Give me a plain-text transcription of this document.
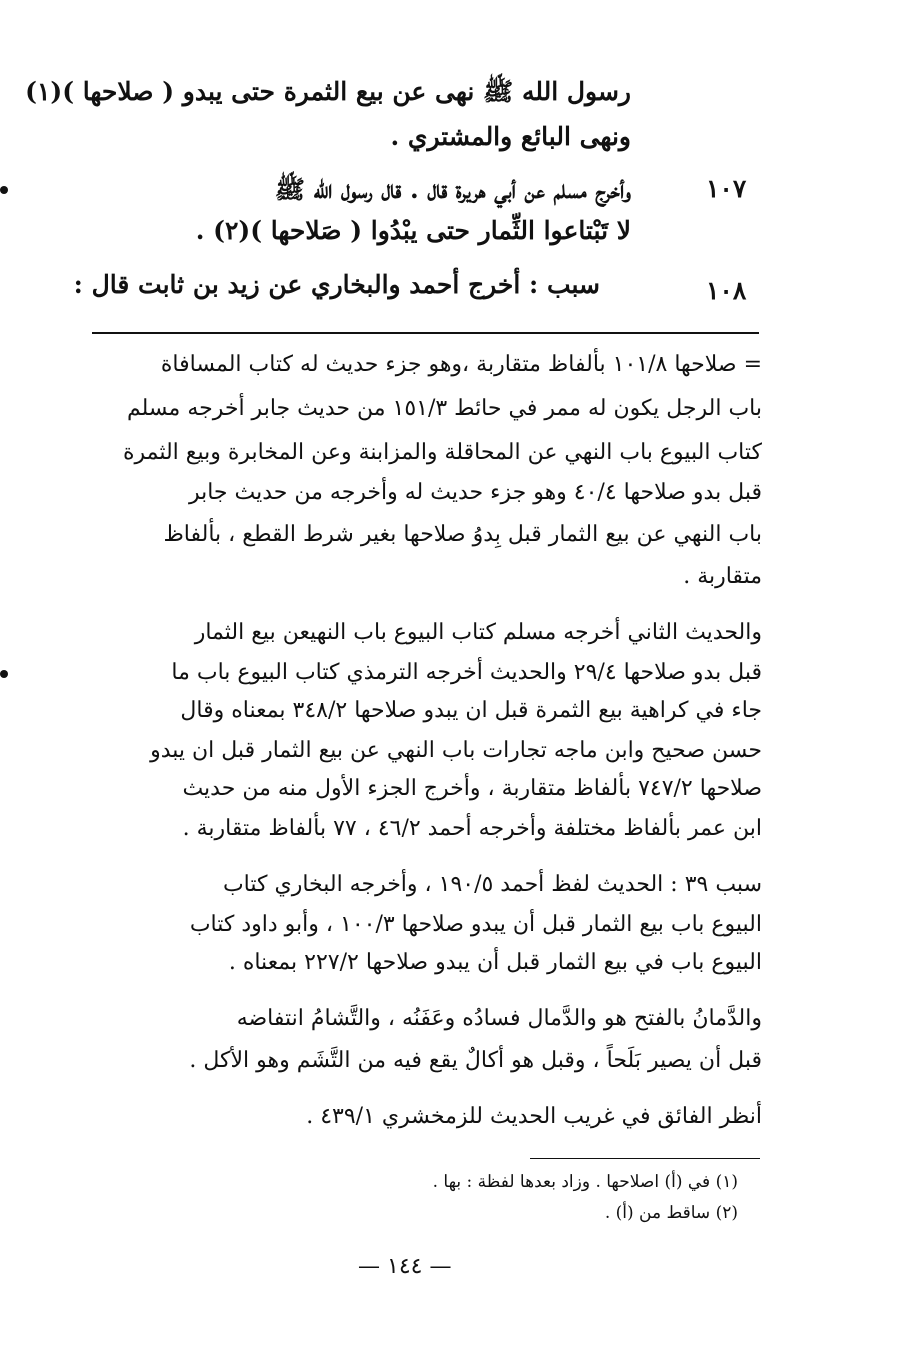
رسول الله ﷺ نهى عن بيع الثمرة حتى يبدو ( صلاحها )(١)
ونهى البائع والمشتري .
١٠٧
وأخرج مسلم عن أبي هريرة قال . قال رسول الله ﷺ
لا تَبْتاعوا الثِّمار حتى يبْدُوا ( صَلاحها )(٢) .
١٠٨
سبب : أخرج أحمد والبخاري عن زيد بن ثابت قال :
= صلاحها ١٠١/٨ بألفاظ متقاربة ،وهو جزء حديث له كتاب المسافاة
باب الرجل يكون له ممر في حائط ١٥١/٣ من حديث جابر أخرجه مسلم
كتاب البيوع باب النهي عن المحاقلة والمزابنة وعن المخابرة وبيع الثمرة
قبل بدو صلاحها ٤٠/٤ وهو جزء حديث له وأخرجه من حديث جابر
باب النهي عن بيع الثمار قبل بِدوُ صلاحها بغير شرط القطع ، بألفاظ
متقاربة .
والحديث الثاني أخرجه مسلم كتاب البيوع باب النهيعن بيع الثمار
قبل بدو صلاحها ٢٩/٤ والحديث أخرجه الترمذي كتاب البيوع باب ما
جاء في كراهية بيع الثمرة قبل ان يبدو صلاحها ٣٤٨/٢ بمعناه وقال
حسن صحيح وابن ماجه تجارات باب النهي عن بيع الثمار قبل ان يبدو
صلاحها ٧٤٧/٢ بألفاظ متقاربة ، وأخرج الجزء الأول منه من حديث
ابن عمر بألفاظ مختلفة وأخرجه أحمد ٤٦/٢ ، ٧٧ بألفاظ متقاربة .
سبب ٣٩ : الحديث لفظ أحمد ١٩٠/٥ ، وأخرجه البخاري كتاب
البيوع باب بيع الثمار قبل أن يبدو صلاحها ١٠٠/٣ ، وأبو داود كتاب
البيوع باب في بيع الثمار قبل أن يبدو صلاحها ٢٢٧/٢ بمعناه .
والدَّمانُ بالفتح هو والدَّمال فسادُه وعَفَنُه ، والتَّشامُ انتفاضه
قبل أن يصير بَلَحاً ، وقبل هو أكالٌ يقع فيه من التَّشَم وهو الأكل .
أنظر الفائق في غريب الحديث للزمخشري ٤٣٩/١ .
(١) في (أ) اصلاحها . وزاد بعدها لفظة : بها .
(٢) ساقط من (أ) .
— ١٤٤ —
